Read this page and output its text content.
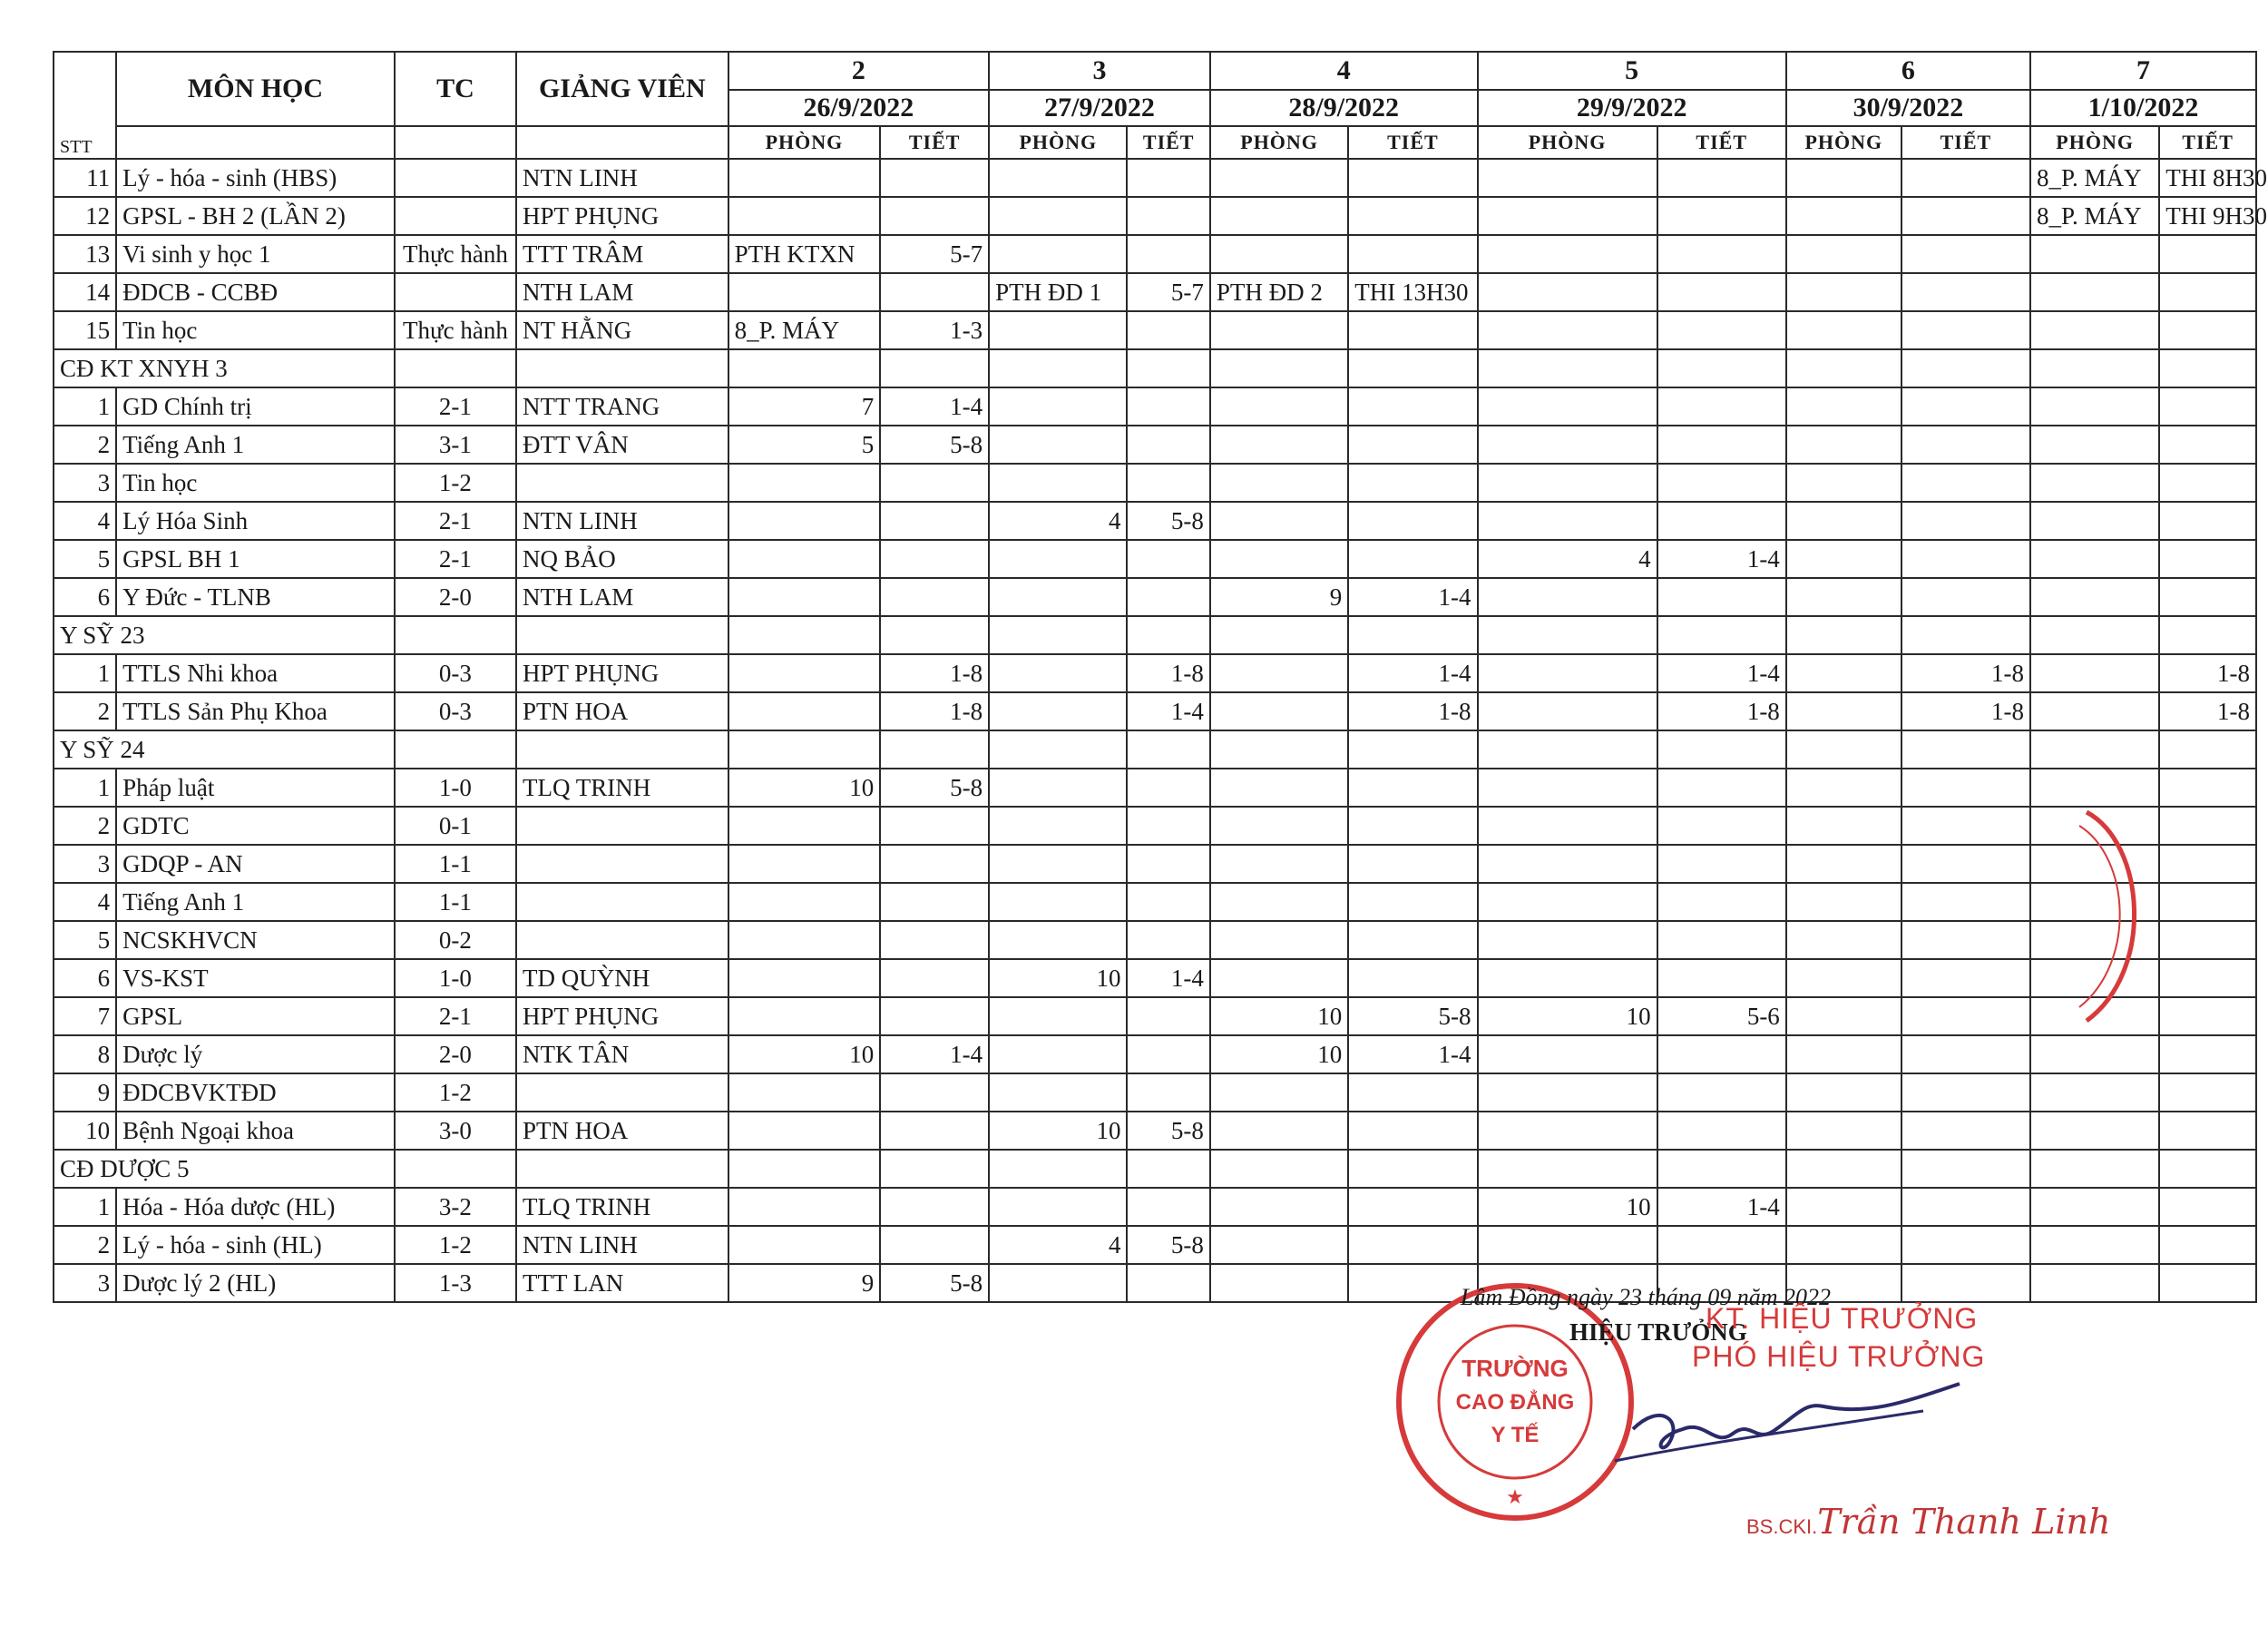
STT	MÔN HỌC	TC	GIẢNG VIÊN	2		3		4		5		6		7	
				26/9/2022		27/9/2022		28/9/2022		29/9/2022		30/9/2022		1/10/2022	
				PHÒNG	TIẾT	PHÒNG	TIẾT	PHÒNG	TIẾT	PHÒNG	TIẾT	PHÒNG	TIẾT	PHÒNG	TIẾT
11	Lý - hóa - sinh (HBS)		NTN LINH											8_P. MÁY	THI 8H30
12	GPSL - BH 2 (LẦN 2)		HPT PHỤNG											8_P. MÁY	THI 9H30
13	Vi sinh y học 1	Thực hành	TTT TRÂM	PTH KTXN	5-7										
14	ĐDCB - CCBĐ		NTH LAM			PTH ĐD 1	5-7	PTH ĐD 2	THI 13H30						
15	Tin học	Thực hành	NT HẰNG	8_P. MÁY	1-3										
CĐ KT XNYH 3															
1	GD Chính trị	2-1	NTT TRANG	7	1-4										
2	Tiếng Anh 1	3-1	ĐTT VÂN	5	5-8										
3	Tin học	1-2													
4	Lý Hóa Sinh	2-1	NTN LINH			4	5-8								
5	GPSL BH 1	2-1	NQ BẢO							4	1-4				
6	Y Đức - TLNB	2-0	NTH LAM					9	1-4						
Y SỸ 23															
1	TTLS Nhi khoa	0-3	HPT PHỤNG		1-8		1-8		1-4		1-4		1-8		1-8
2	TTLS Sản Phụ Khoa	0-3	PTN HOA		1-8		1-4		1-8		1-8		1-8		1-8
Y SỸ 24															
1	Pháp luật	1-0	TLQ TRINH	10	5-8										
2	GDTC	0-1													
3	GDQP - AN	1-1													
4	Tiếng Anh 1	1-1													
5	NCSKHVCN	0-2													
6	VS-KST	1-0	TD QUỲNH			10	1-4								
7	GPSL	2-1	HPT PHỤNG					10	5-8	10	5-6				
8	Dược lý	2-0	NTK TÂN	10	1-4			10	1-4						
9	ĐDCBVKTĐD	1-2													
10	Bệnh Ngoại khoa	3-0	PTN HOA			10	5-8								
CĐ DƯỢC 5															
1	Hóa - Hóa dược (HL)	3-2	TLQ TRINH							10	1-4				
2	Lý - hóa - sinh (HL)	1-2	NTN LINH			4	5-8								
3	Dược lý 2 (HL)	1-3	TTT LAN	9	5-8										
TRƯỜNG
CAO ĐẲNG
Y TẾ
★
Lâm Đồng ngày 23 tháng 09 năm 2022
HIỆU TRƯỞNG
KT. HIỆU TRƯỞNG
PHÓ HIỆU TRƯỞNG
BS.CKI.Trần Thanh Linh
